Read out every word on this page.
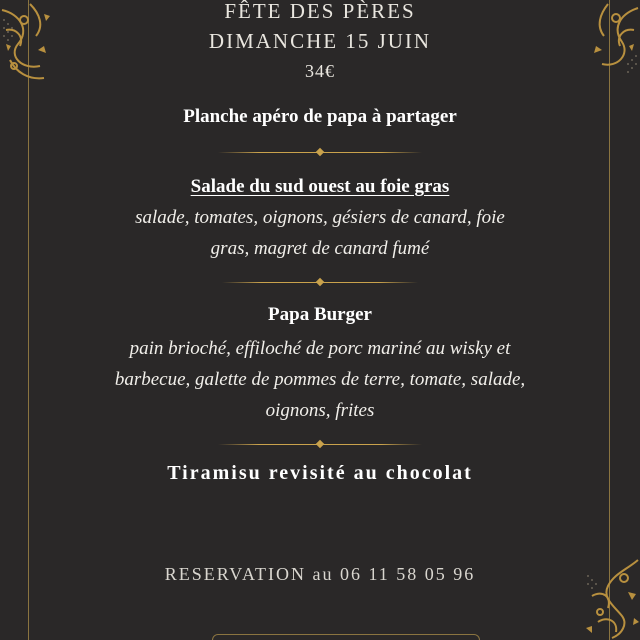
FÊTE DES PÈRES
DIMANCHE 15 JUIN
34€
Planche apéro de papa à partager
Salade du sud ouest au foie gras
salade, tomates, oignons, gésiers de canard, foie
gras, magret de canard fumé
Papa Burger
pain brioché, effiloché de porc mariné au wisky et
barbecue, galette de pommes de terre, tomate, salade,
oignons, frites
Tiramisu revisité au chocolat
RESERVATION au 06 11 58 05 96
